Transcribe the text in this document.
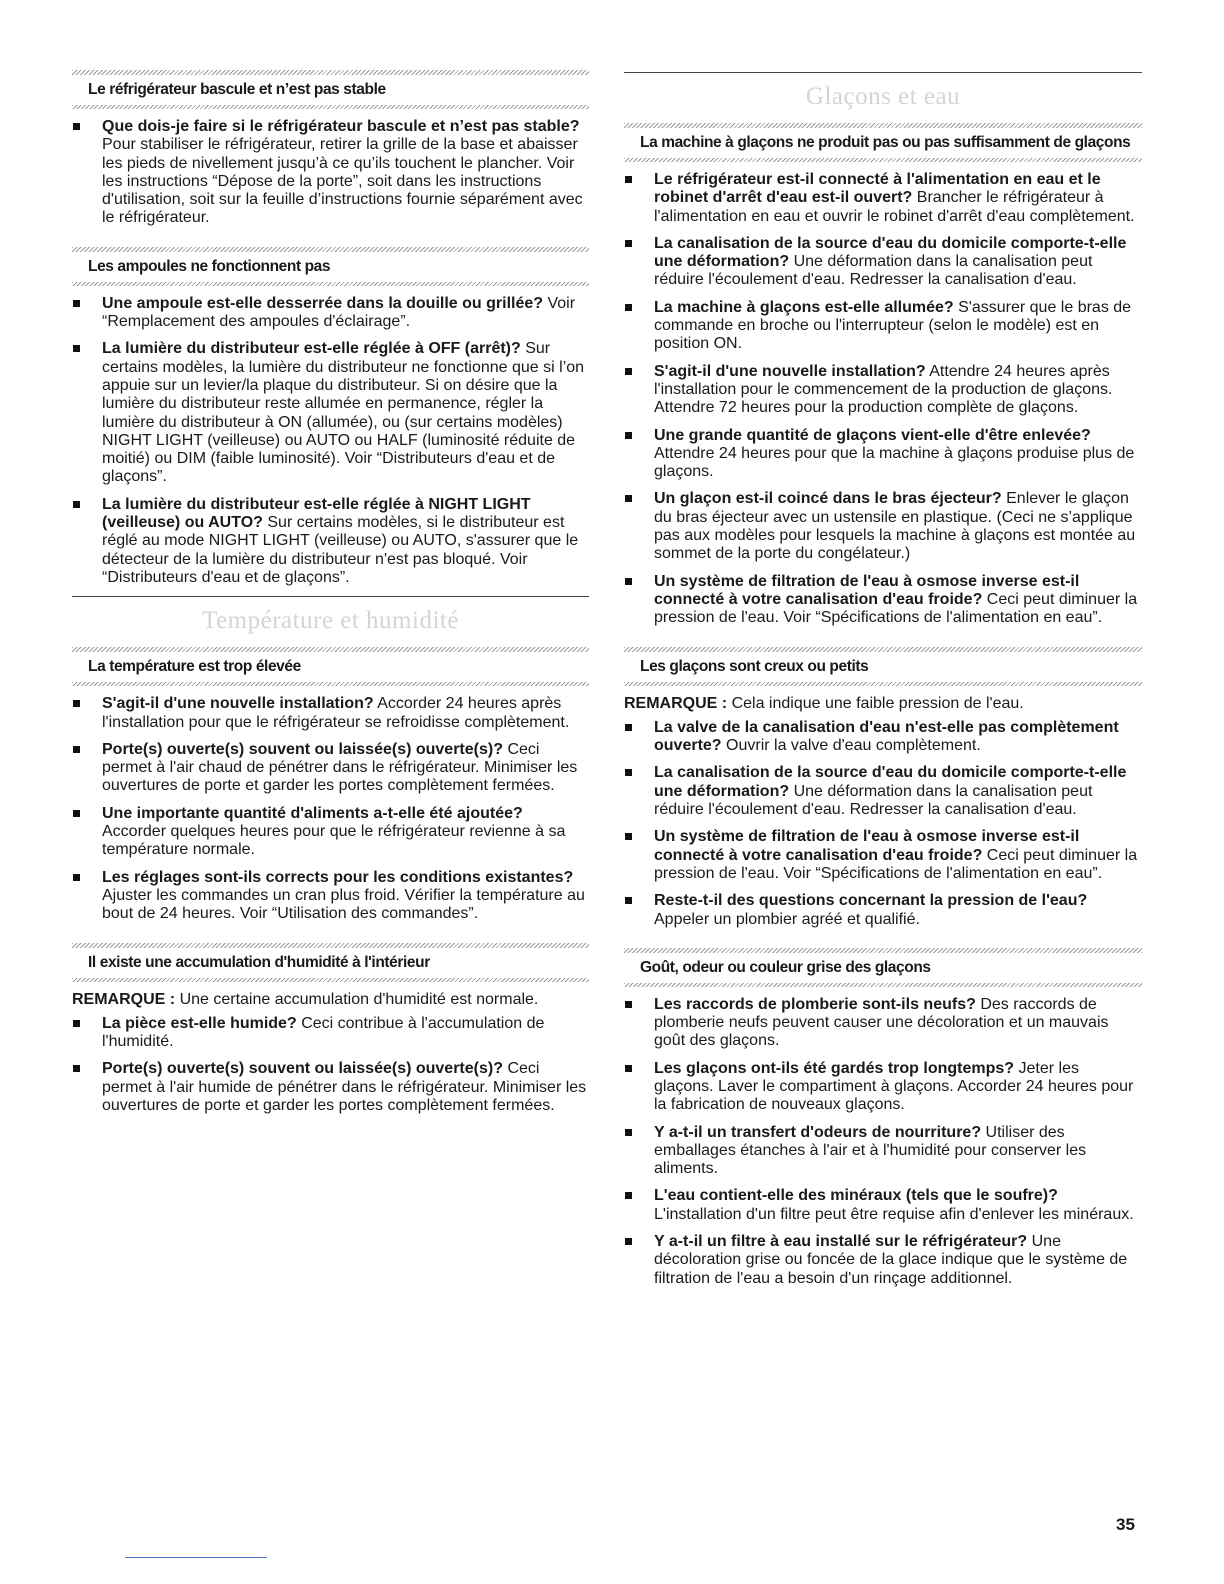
Le réfrigérateur bascule et n’est pas stable
Que dois-je faire si le réfrigérateur bascule et n’est pas stable? Pour stabiliser le réfrigérateur, retirer la grille de la base et abaisser les pieds de nivellement jusqu’à ce qu’ils touchent le plancher. Voir les instructions “Dépose de la porte”, soit dans les instructions d'utilisation, soit sur la feuille d’instructions fournie séparément avec le réfrigérateur.
Les ampoules ne fonctionnent pas
Une ampoule est-elle desserrée dans la douille ou grillée? Voir “Remplacement des ampoules d'éclairage”.
La lumière du distributeur est-elle réglée à OFF (arrêt)? Sur certains modèles, la lumière du distributeur ne fonctionne que si l’on appuie sur un levier/la plaque du distributeur. Si on désire que la lumière du distributeur reste allumée en permanence, régler la lumière du distributeur à ON (allumée), ou (sur certains modèles) NIGHT LIGHT (veilleuse) ou AUTO ou HALF (luminosité réduite de moitié) ou DIM (faible luminosité). Voir “Distributeurs d'eau et de glaçons”.
La lumière du distributeur est-elle réglée à NIGHT LIGHT (veilleuse) ou AUTO? Sur certains modèles, si le distributeur est réglé au mode NIGHT LIGHT (veilleuse) ou AUTO, s'assurer que le détecteur de la lumière du distributeur n'est pas bloqué. Voir “Distributeurs d'eau et de glaçons”.
Température et humidité
La température est trop élevée
S'agit-il d'une nouvelle installation? Accorder 24 heures après l'installation pour que le réfrigérateur se refroidisse complètement.
Porte(s) ouverte(s) souvent ou laissée(s) ouverte(s)? Ceci permet à l'air chaud de pénétrer dans le réfrigérateur. Minimiser les ouvertures de porte et garder les portes complètement fermées.
Une importante quantité d'aliments a-t-elle été ajoutée? Accorder quelques heures pour que le réfrigérateur revienne à sa température normale.
Les réglages sont-ils corrects pour les conditions existantes? Ajuster les commandes un cran plus froid. Vérifier la température au bout de 24 heures. Voir “Utilisation des commandes”.
Il existe une accumulation d'humidité à l'intérieur

REMARQUE : Une certaine accumulation d'humidité est normale.

La pièce est-elle humide? Ceci contribue à l'accumulation de l'humidité.
Porte(s) ouverte(s) souvent ou laissée(s) ouverte(s)? Ceci permet à l'air humide de pénétrer dans le réfrigérateur. Minimiser les ouvertures de porte et garder les portes complètement fermées.
Glaçons et eau
La machine à glaçons ne produit pas ou pas suffisamment de glaçons
Le réfrigérateur est-il connecté à l'alimentation en eau et le robinet d'arrêt d'eau est-il ouvert? Brancher le réfrigérateur à l'alimentation en eau et ouvrir le robinet d'arrêt d'eau complètement.
La canalisation de la source d'eau du domicile comporte-t-elle une déformation? Une déformation dans la canalisation peut réduire l'écoulement d'eau. Redresser la canalisation d'eau.
La machine à glaçons est-elle allumée? S'assurer que le bras de commande en broche ou l'interrupteur (selon le modèle) est en position ON.
S'agit-il d'une nouvelle installation? Attendre 24 heures après l'installation pour le commencement de la production de glaçons. Attendre 72 heures pour la production complète de glaçons.
Une grande quantité de glaçons vient-elle d'être enlevée? Attendre 24 heures pour que la machine à glaçons produise plus de glaçons.
Un glaçon est-il coincé dans le bras éjecteur? Enlever le glaçon du bras éjecteur avec un ustensile en plastique. (Ceci ne s’applique pas aux modèles pour lesquels la machine à glaçons est montée au sommet de la porte du congélateur.)
Un système de filtration de l'eau à osmose inverse est-il connecté à votre canalisation d'eau froide? Ceci peut diminuer la pression de l'eau. Voir “Spécifications de l'alimentation en eau”.
Les glaçons sont creux ou petits

REMARQUE : Cela indique une faible pression de l'eau.

La valve de la canalisation d'eau n'est-elle pas complètement ouverte? Ouvrir la valve d'eau complètement.
La canalisation de la source d'eau du domicile comporte-t-elle une déformation? Une déformation dans la canalisation peut réduire l'écoulement d'eau. Redresser la canalisation d'eau.
Un système de filtration de l'eau à osmose inverse est-il connecté à votre canalisation d'eau froide? Ceci peut diminuer la pression de l'eau. Voir “Spécifications de l'alimentation en eau”.
Reste-t-il des questions concernant la pression de l'eau? Appeler un plombier agréé et qualifié.
Goût, odeur ou couleur grise des glaçons
Les raccords de plomberie sont-ils neufs? Des raccords de plomberie neufs peuvent causer une décoloration et un mauvais goût des glaçons.
Les glaçons ont-ils été gardés trop longtemps? Jeter les glaçons. Laver le compartiment à glaçons. Accorder 24 heures pour la fabrication de nouveaux glaçons.
Y a-t-il un transfert d'odeurs de nourriture? Utiliser des emballages étanches à l'air et à l'humidité pour conserver les aliments.
L'eau contient-elle des minéraux (tels que le soufre)? L'installation d'un filtre peut être requise afin d'enlever les minéraux.
Y a-t-il un filtre à eau installé sur le réfrigérateur? Une décoloration grise ou foncée de la glace indique que le système de filtration de l'eau a besoin d'un rinçage additionnel.
35
